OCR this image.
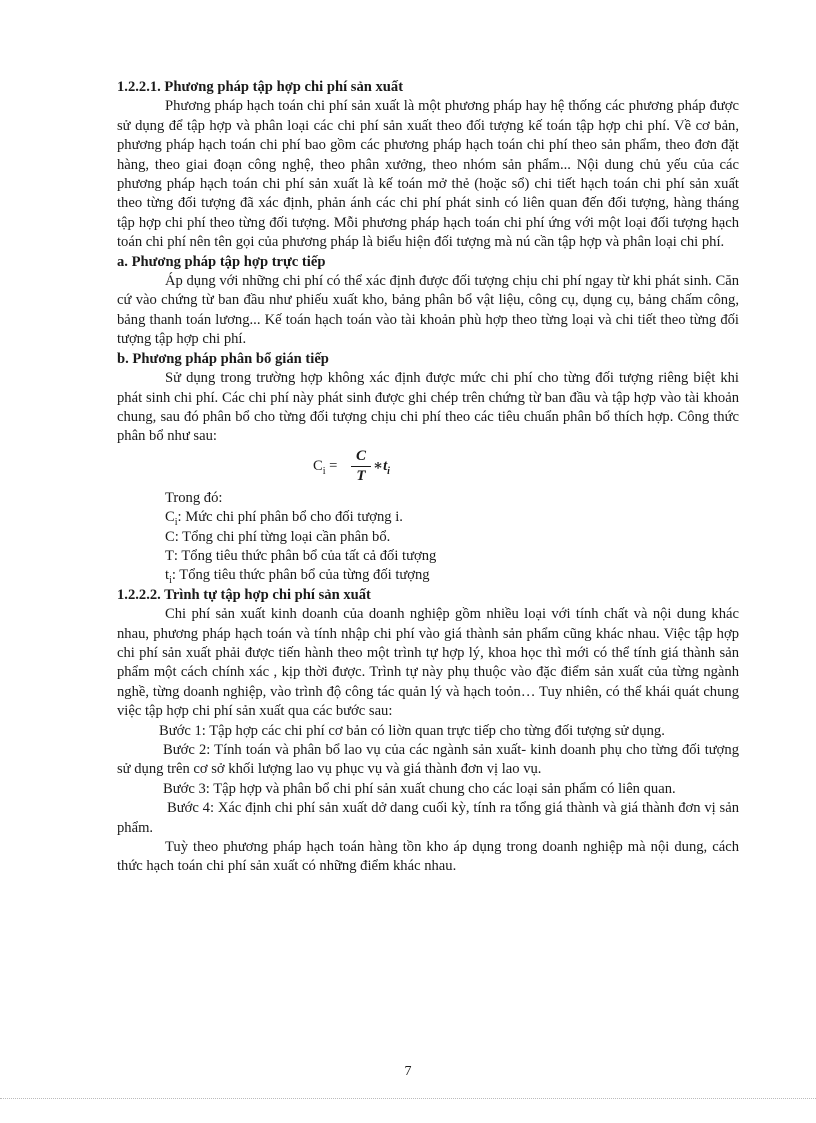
1.2.2.1. Phương pháp tập hợp chi phí sản xuất

Phương pháp hạch toán chi phí sản xuất là một phương pháp hay hệ thống các phương pháp được sử dụng để tập hợp và phân loại các chi phí sản xuất theo đối tượng kế toán tập hợp chi phí. Về cơ bản, phương pháp hạch toán chi phí bao gồm các phương pháp hạch toán chi phí theo sản phẩm, theo đơn đặt hàng, theo giai đoạn công nghệ, theo phân xưởng, theo nhóm sản phẩm... Nội dung chủ yếu của các phương pháp hạch toán chi phí sản xuất là kế toán mở thẻ (hoặc sổ) chi tiết hạch toán chi phí sản xuất theo từng đối tượng đã xác định, phản ánh các chi phí phát sinh có liên quan đến đối tượng, hàng tháng tập hợp chi phí theo từng đối tượng. Mỗi phương pháp hạch toán chi phí ứng với một loại đối tượng hạch toán chi phí nên tên gọi của phương pháp là biểu hiện đối tượng mà nú cần tập hợp và phân loại chi phí.

a. Phương pháp tập hợp trực tiếp

Áp dụng với những chi phí có thể xác định được đối tượng chịu chi phí ngay từ khi phát sinh. Căn cứ vào chứng từ ban đầu như phiếu xuất kho, bảng phân bổ vật liệu, công cụ, dụng cụ, bảng chấm công, bảng thanh toán lương... Kế toán hạch toán vào tài khoản phù hợp theo từng loại và chi tiết theo từng đối tượng tập hợp chi phí.

b. Phương pháp phân bổ gián tiếp

Sử dụng trong trường hợp không xác định được mức chi phí cho từng đối tượng riêng biệt khi phát sinh chi phí. Các chi phí này phát sinh được ghi chép trên chứng từ ban đầu và tập hợp vào tài khoản chung, sau đó phân bổ cho từng đối tượng chịu chi phí theo các tiêu chuẩn phân bổ thích hợp. Công thức phân bổ như sau:

$C_i = \frac{C}{T}$ $∗t_i$

Trong đó:

$C_i$: Mức chi phí phân bổ cho đối tượng i.

C: Tổng chi phí từng loại cần phân bổ.

T: Tổng tiêu thức phân bổ của tất cả đối tượng

$t_i$: Tổng tiêu thức phân bổ của từng đối tượng

1.2.2.2. Trình tự tập hợp chi phí sản xuất

Chi phí sản xuất kinh doanh của doanh nghiệp gồm nhiều loại với tính chất và nội dung khác nhau, phương pháp hạch toán và tính nhập chi phí vào giá thành sản phẩm cũng khác nhau. Việc tập hợp chi phí sản xuất phải được tiến hành theo một trình tự hợp lý, khoa học thì mới có thể tính giá thành sản phẩm một cách chính xác , kịp thời được. Trình tự này phụ thuộc vào đặc điểm sản xuất của từng ngành nghề, từng doanh nghiệp, vào trình độ công tác quản lý và hạch toỏn… Tuy nhiên, có thể khái quát chung việc tập hợp chi phí sản xuất qua các bước sau:

Bước 1: Tập hợp các chi phí cơ bản có liờn quan trực tiếp cho từng đối tượng sử dụng.

Bước 2: Tính toán và phân bổ lao vụ của các ngành sản xuất- kinh doanh phụ cho từng đối tượng sử dụng trên cơ sở khối lượng lao vụ phục vụ và giá thành đơn vị lao vụ.

Bước 3: Tập hợp và phân bổ chi phí sản xuất chung cho các loại sản phẩm có liên quan.

Bước 4: Xác định chi phí sản xuất dở dang cuối kỳ, tính ra tổng giá thành và giá thành đơn vị sản phẩm.

Tuỳ theo phương pháp hạch toán hàng tồn kho áp dụng trong doanh nghiệp mà nội dung, cách thức hạch toán chi phí sản xuất có những điểm khác nhau.

7
